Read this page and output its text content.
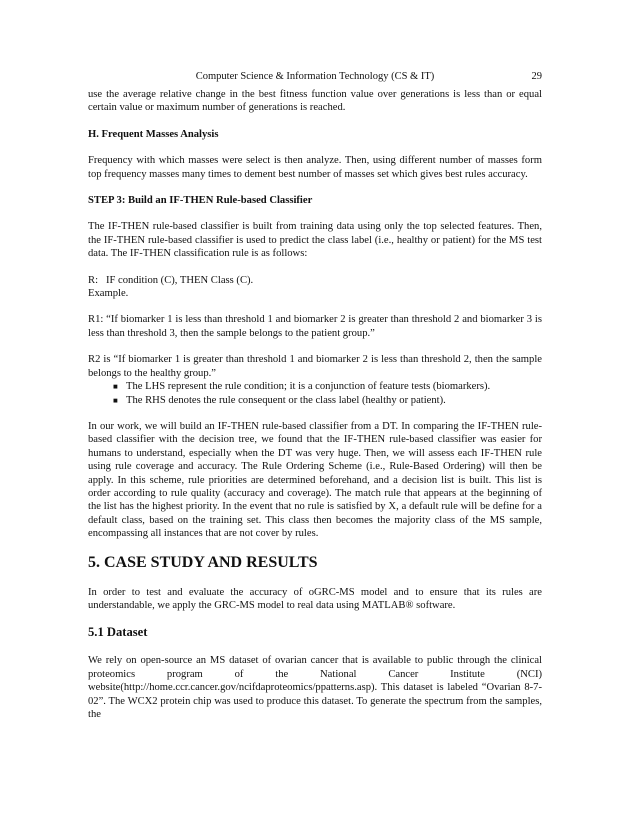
Computer Science & Information Technology (CS & IT)	29

use the average relative change in the best fitness function value over generations is less than or equal certain value or maximum number of generations is reached.

H. Frequent Masses Analysis

Frequency with which masses were select is then analyze. Then, using different number of masses form top frequency masses many times to dement best number of masses set which gives best rules accuracy.

STEP 3: Build an IF-THEN Rule-based Classifier

The IF-THEN rule-based classifier is built from training data using only the top selected features. Then, the IF-THEN rule-based classifier is used to predict the class label (i.e., healthy or patient) for the MS test data. The IF-THEN classification rule is as follows:

R:   IF condition (C), THEN Class (C).

Example.

R1: “If biomarker 1 is less than threshold 1 and biomarker 2 is greater than threshold 2 and biomarker 3 is less than threshold 3, then the sample belongs to the patient group.”

R2 is “If biomarker 1 is greater than threshold 1 and biomarker 2 is less than threshold 2, then the sample belongs to the healthy group.”

■ The LHS represent the rule condition; it is a conjunction of feature tests (biomarkers).
■ The RHS denotes the rule consequent or the class label (healthy or patient).

In our work, we will build an IF-THEN rule-based classifier from a DT. In comparing the IF-THEN rule-based classifier with the decision tree, we found that the IF-THEN rule-based classifier was easier for humans to understand, especially when the DT was very huge. Then, we will assess each IF-THEN rule using rule coverage and accuracy. The Rule Ordering Scheme (i.e., Rule-Based Ordering) will then be apply. In this scheme, rule priorities are determined beforehand, and a decision list is built. This list is order according to rule quality (accuracy and coverage). The match rule that appears at the beginning of the list has the highest priority. In the event that no rule is satisfied by X, a default rule will be define for a default class, based on the training set. This class then becomes the majority class of the MS sample, encompassing all instances that are not cover by rules.

5. CASE STUDY AND RESULTS

In order to test and evaluate the accuracy of oGRC-MS model and to ensure that its rules are understandable, we apply the GRC-MS model to real data using MATLAB® software.

5.1 Dataset

We rely on open-source an MS dataset of ovarian cancer that is available to public through the clinical proteomics program of the National Cancer Institute (NCI) website(http://home.ccr.cancer.gov/ncifdaproteomics/ppatterns.asp). This dataset is labeled “Ovarian 8-7-02”. The WCX2 protein chip was used to produce this dataset. To generate the spectrum from the samples, the
